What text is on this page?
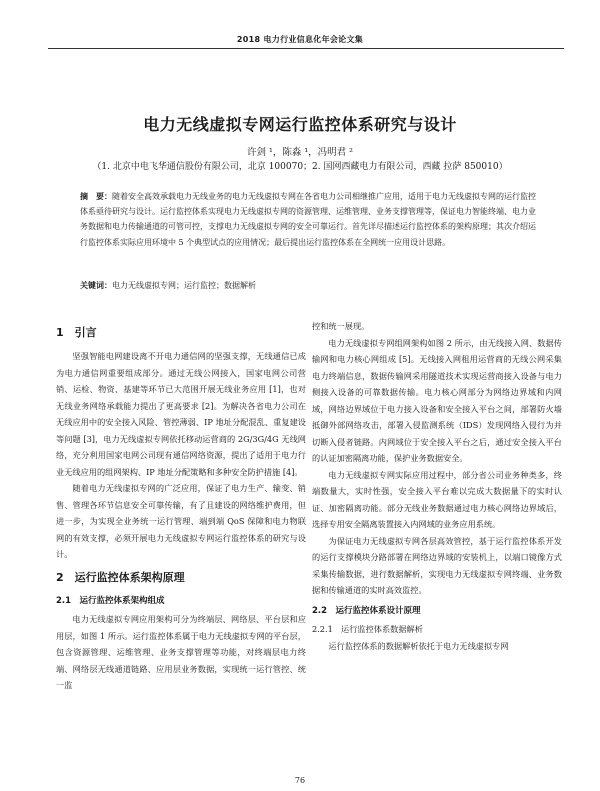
2018 电力行业信息化年会论文集
电力无线虚拟专网运行监控体系研究与设计
许剑 ¹，陈淼 ¹，冯明君 ²
（1. 北京中电飞华通信股份有限公司，北京 100070；2. 国网西藏电力有限公司，西藏 拉萨 850010）
摘　要：随着安全高效承载电力无线业务的电力无线虚拟专网在各省电力公司相继推广应用，适用于电力无线虚拟专网的运行监控体系亟待研究与设计。运行监控体系实现电力无线虚拟专网的资源管理、运维管理、业务支撑管理等，保证电力智能终端、电力业务数据和电力传输通道的可管可控，支撑电力无线虚拟专网的安全可靠运行。首先详尽描述运行监控体系的架构原理；其次介绍运行监控体系实际应用环境中 5 个典型试点的应用情况；最后提出运行监控体系在全网统一应用设计思路。
关键词：电力无线虚拟专网；运行监控；数据解析
1　引言

坚强智能电网建设离不开电力通信网的坚强支撑，无线通信已成为电力通信网重要组成部分。通过无线公网接入，国家电网公司营销、运检、物资、基建等环节已大范围开展无线业务应用 [1]，也对无线业务网络承载能力提出了更高要求 [2]。为解决各省电力公司在无线应用中的安全接入风险、管控薄弱、IP 地址分配混乱、重复建设等问题 [3]，电力无线虚拟专网依托移动运营商的 2G/3G/4G 无线网络，充分利用国家电网公司现有通信网络资源，提出了适用于电力行业无线应用的组网架构、IP 地址分配策略和多种安全防护措施 [4]。

随着电力无线虚拟专网的广泛应用，保证了电力生产、输变、销售、管理各环节信息安全可靠传输，有了且建设的网络维护费用，但进一步，为实现全业务统一运行管理、端到端 QoS 保障和电力物联网的有效支撑，必须开展电力无线虚拟专网运行监控体系的研究与设计。

2　运行监控体系架构原理
2.1　运行监控体系架构组成

电力无线虚拟专网应用架构可分为终端层、网络层、平台层和应用层，如图 1 所示。运行监控体系属于电力无线虚拟专网的平台层，包含资源管理、运维管理、业务支撑管理等功能，对终端层电力终端、网络层无线通道链路、应用层业务数据，实现统一运行管控、统一监

控和统一展现。

电力无线虚拟专网组网架构如图 2 所示，由无线接入网、数据传输网和电力核心网组成 [5]。无线接入网租用运营商的无线公网采集电力终端信息，数据传输网采用隧道技术实现运营商接入设备与电力侧接入设备的可靠数据传输。电力核心网部分为网络边界域和内网域，网络边界域位于电力接入设备和安全接入平台之间，部署防火墙抵御外部网络攻击，部署入侵监测系统（IDS）发现网络入侵行为并切断入侵者链路。内网域位于安全接入平台之后，通过安全接入平台的认证加密隔离功能，保护业务数据安全。

电力无线虚拟专网实际应用过程中，部分省公司业务种类多，终端数量大，实时性强，安全接入平台难以完成大数据量下的实时认证、加密隔离功能。部分无线业务数据通过电力核心网络边界域后，选择专用安全隔离装置接入内网域的业务应用系统。

为保证电力无线虚拟专网各层高效管控，基于运行监控体系开发的运行支撑模块分路部署在网络边界域的安装机上，以端口镜像方式采集传输数据，进行数据解析，实现电力无线虚拟专网终端、业务数据和传输通道的实时高效监控。

2.2　运行监控体系设计原理
2.2.1　运行监控体系数据解析

运行监控体系的数据解析依托于电力无线虚拟专网

76
